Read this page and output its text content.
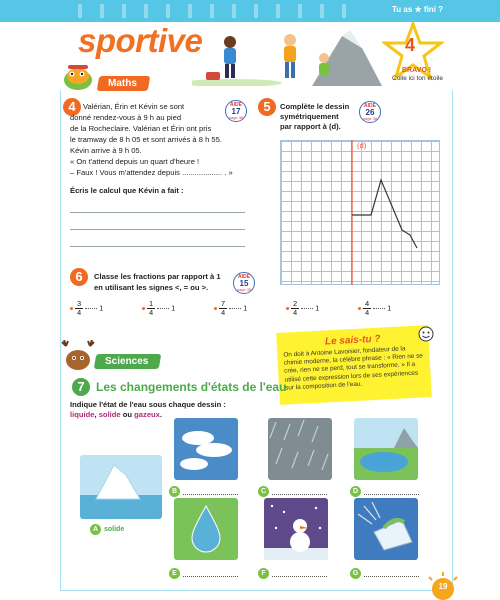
Tu as ★ fini ?
sportive	4
BRAVO !
Colle ici ton étoile
Maths
4	AIDE
17
page 36
Valérian, Érin et Kévin se sont
donné rendez-vous à 9 h au pied
de la Rocheclaire. Valérian et Érin ont pris
le tramway de 8 h 05 et sont arrivés à 8 h 55.
Kévin arrive à 9 h 05.
« On t'attend depuis un quart d'heure !
– Faux ! Vous m'attendez depuis ................... . »
Écris le calcul que Kévin a fait :
5	Complète le dessin
symétriquement
par rapport à (d).
AIDE
26
page 36
(d)
6	Classe les fractions par rapport à 1
en utilisant les signes <, = ou >.
AIDE
15
page 35
$\frac{3}{4} 1$	$\frac{1}{4} 1$	$\frac{7}{4} 1$	$\frac{2}{4} 1$	$\frac{4}{4} 1$
Le sais-tu ?
On doit à Antoine Lavoisier, fondateur de la chimie moderne, la célèbre phrase : « Rien ne se crée, rien ne se perd, tout se transforme. » Il a utilisé cette expression lors de ses expériences sur la composition de l'eau.
Sciences
7 Les changements d'états de l'eau
Indique l'état de l'eau sous chaque dessin :
liquide, solide ou gazeux.
A solide
B	C	D
E	F	G
19
